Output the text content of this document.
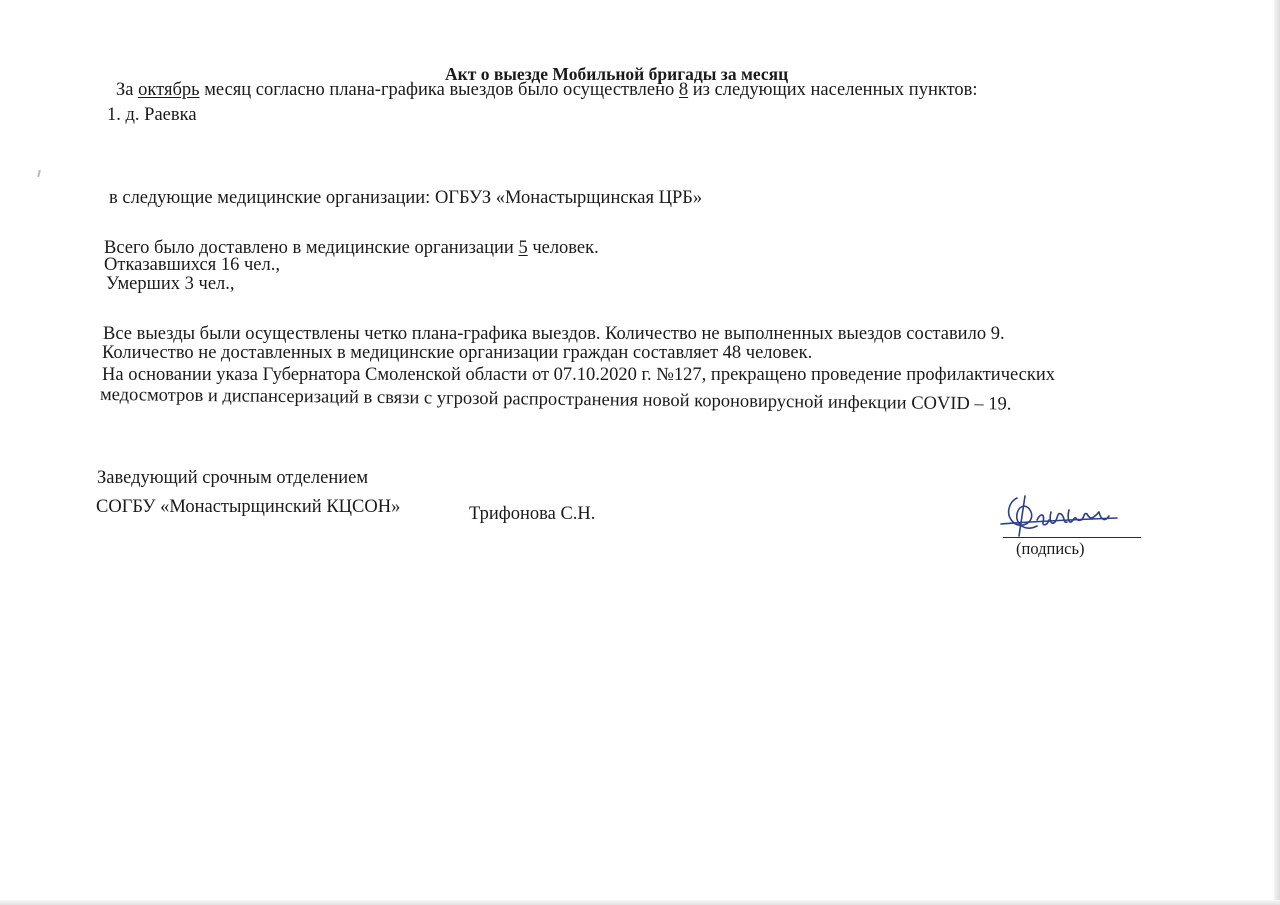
Акт о выезде Мобильной бригады за месяц
За октябрь месяц согласно плана-графика выездов было осуществлено 8 из следующих населенных пунктов:
1. д. Раевка
в следующие медицинские организации: ОГБУЗ «Монастырщинская ЦРБ»
Всего было доставлено в медицинские организации 5 человек.
Отказавшихся 16 чел.,
Умерших 3 чел.,
Все выезды были осуществлены четко плана-графика выездов. Количество не выполненных выездов составило 9.
Количество не доставленных в медицинские организации граждан составляет 48 человек.
На основании указа Губернатора Смоленской области от 07.10.2020 г. №127, прекращено проведение профилактических
медосмотров и диспансеризаций в связи с угрозой распространения новой короновирусной инфекции COVID – 19.
Заведующий срочным отделением
СОГБУ «Монастырщинский КЦСОН»	Трифонова С.Н.
(подпись)
